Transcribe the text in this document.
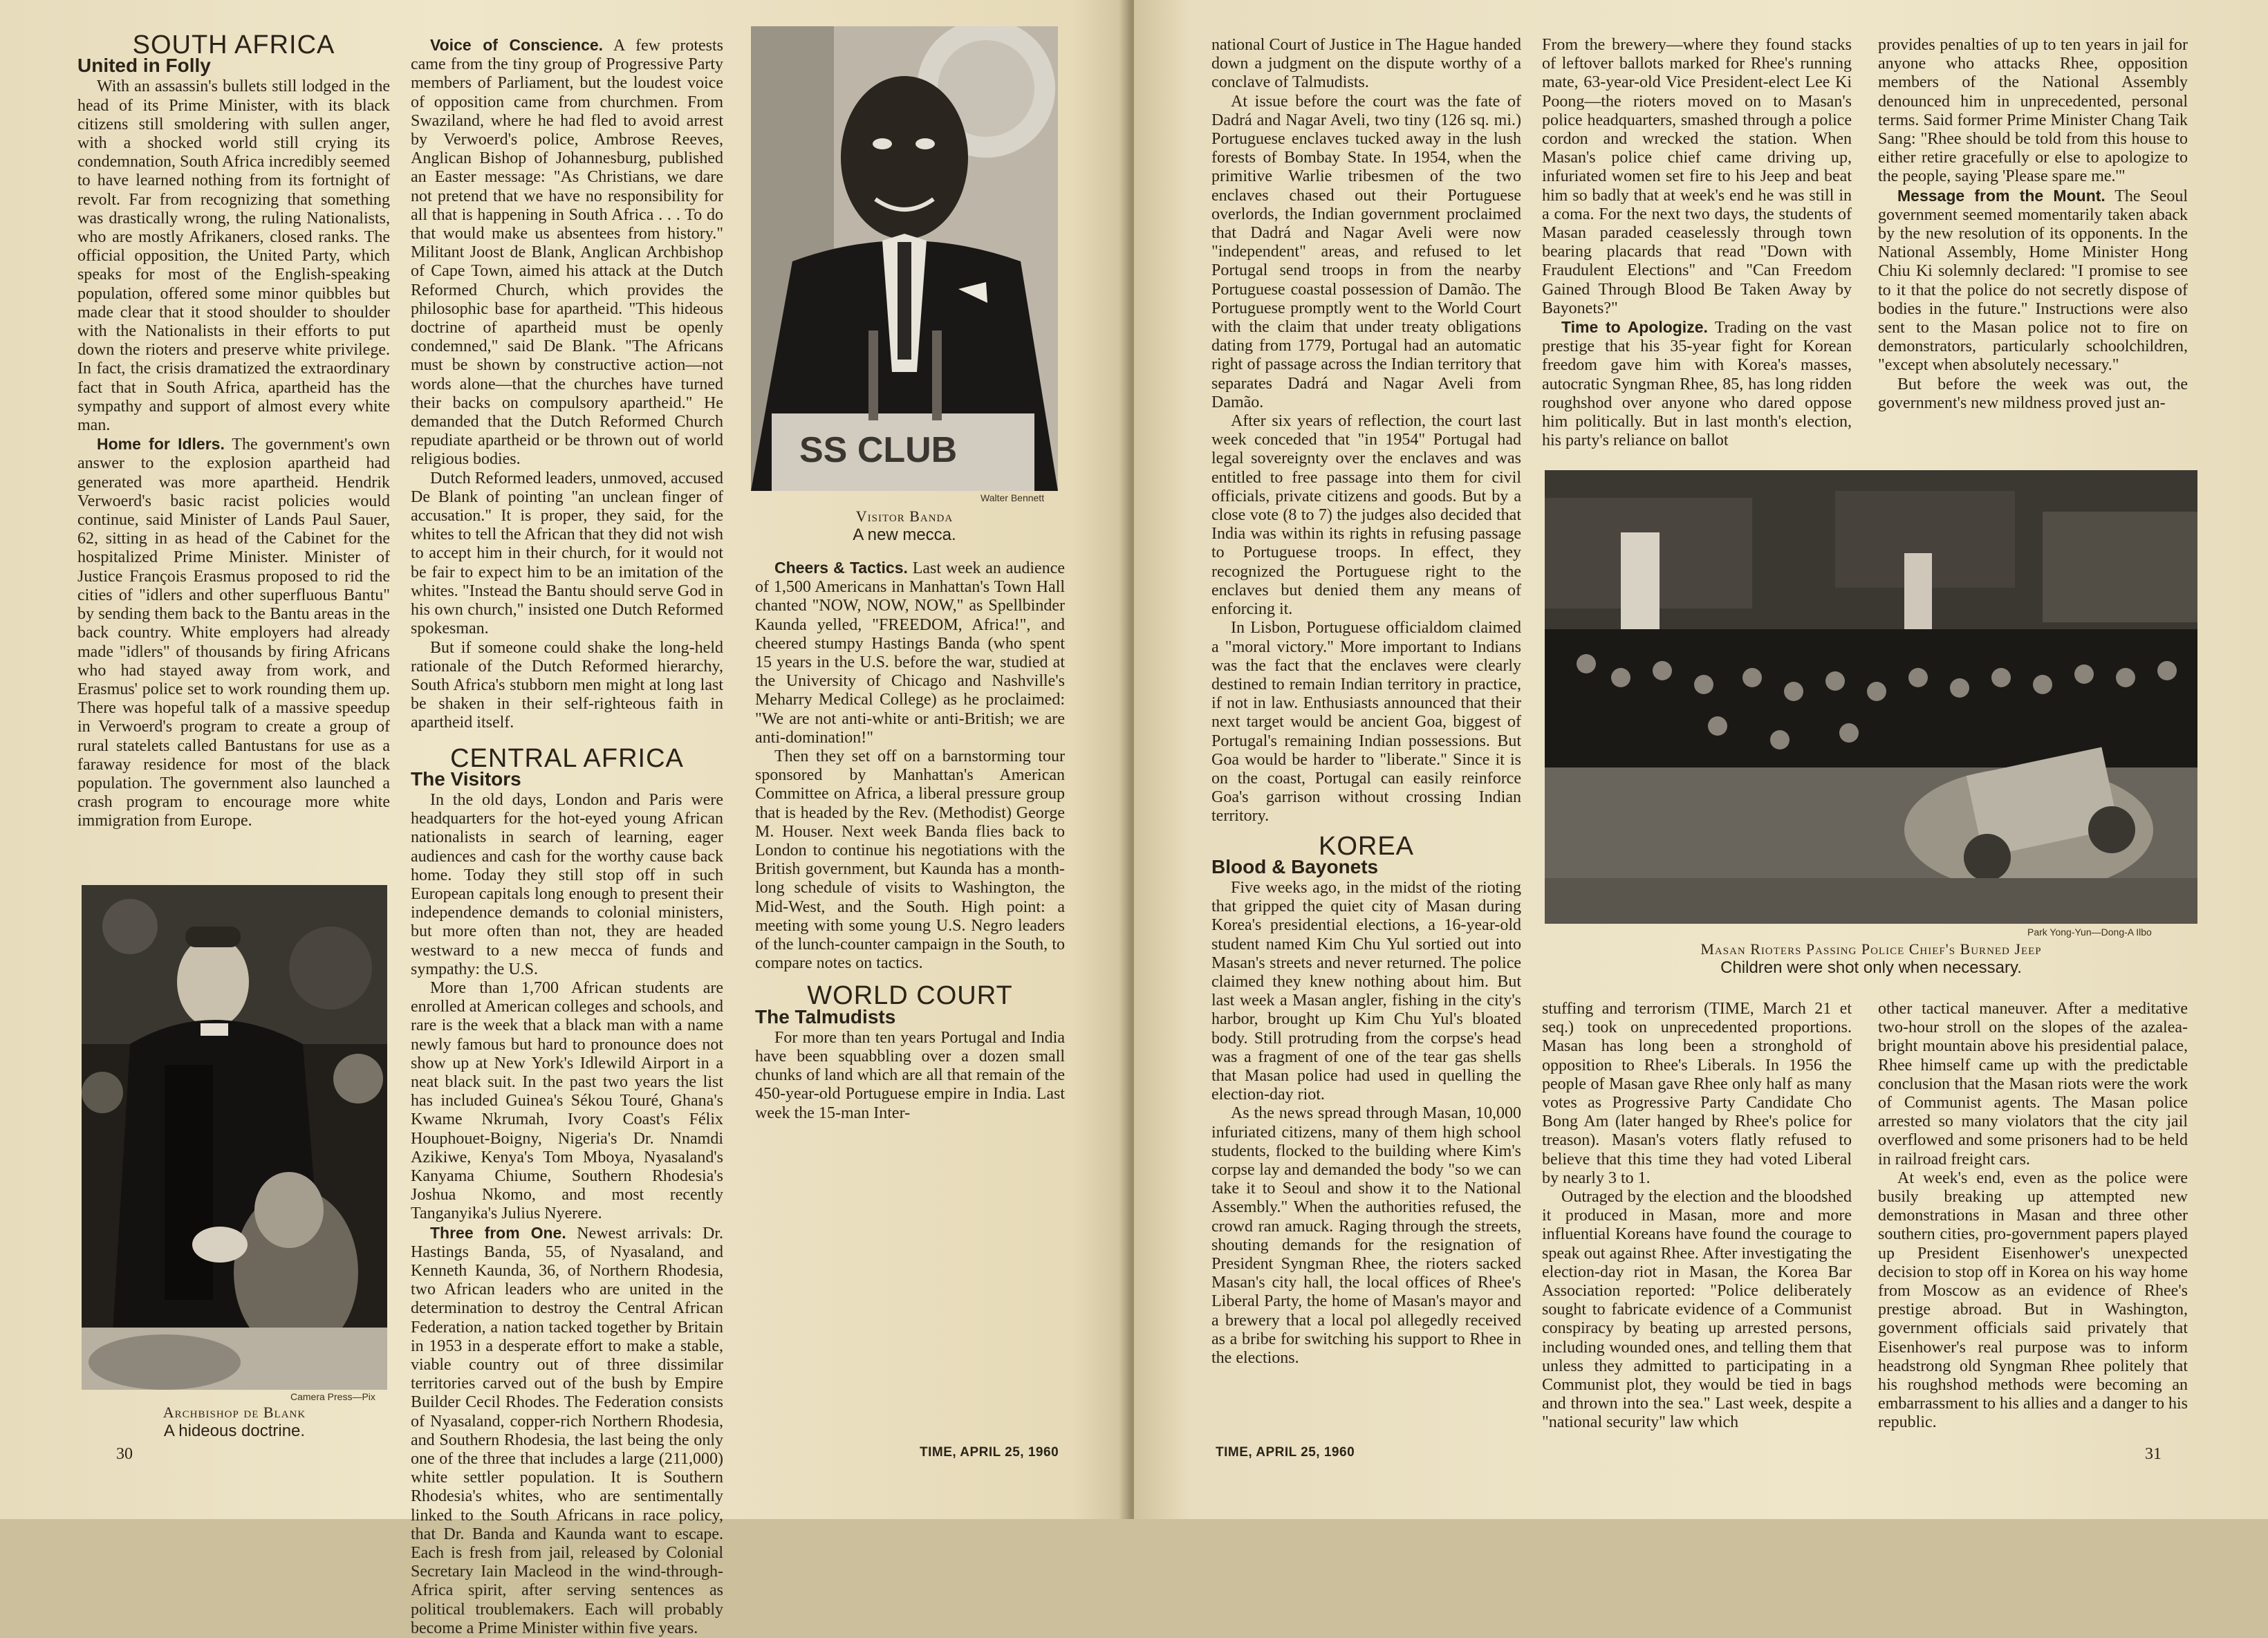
SOUTH AFRICA
United in Folly

With an assassin's bullets still lodged in the head of its Prime Minister, with its black citizens still smoldering with sullen anger, with a shocked world still crying its condemnation, South Africa incredibly seemed to have learned nothing from its fortnight of revolt. Far from recognizing that something was drastically wrong, the ruling Nationalists, who are mostly Afrikaners, closed ranks. The official opposition, the United Party, which speaks for most of the English-speaking population, offered some minor quibbles but made clear that it stood shoulder to shoulder with the Nationalists in their efforts to put down the rioters and preserve white privilege. In fact, the crisis dramatized the extraordinary fact that in South Africa, apartheid has the sympathy and support of almost every white man.

Home for Idlers. The government's own answer to the explosion apartheid had generated was more apartheid. Hendrik Verwoerd's basic racist policies would continue, said Minister of Lands Paul Sauer, 62, sitting in as head of the Cabinet for the hospitalized Prime Minister. Minister of Justice François Erasmus proposed to rid the cities of "idlers and other superfluous Bantu" by sending them back to the Bantu areas in the back country. White employers had already made "idlers" of thousands by firing Africans who had stayed away from work, and Erasmus' police set to work rounding them up. There was hopeful talk of a massive speedup in Verwoerd's program to create a group of rural statelets called Bantustans for use as a faraway residence for most of the black population. The government also launched a crash program to encourage more white immigration from Europe.

Camera Press—Pix
Archbishop de Blank
A hideous doctrine.

Voice of Conscience. A few protests came from the tiny group of Progressive Party members of Parliament, but the loudest voice of opposition came from churchmen. From Swaziland, where he had fled to avoid arrest by Verwoerd's police, Ambrose Reeves, Anglican Bishop of Johannesburg, published an Easter message: "As Christians, we dare not pretend that we have no responsibility for all that is happening in South Africa . . . To do that would make us absentees from history." Militant Joost de Blank, Anglican Archbishop of Cape Town, aimed his attack at the Dutch Reformed Church, which provides the philosophic base for apartheid. "This hideous doctrine of apartheid must be openly condemned," said De Blank. "The Africans must be shown by constructive action—not words alone—that the churches have turned their backs on compulsory apartheid." He demanded that the Dutch Reformed Church repudiate apartheid or be thrown out of world religious bodies.

Dutch Reformed leaders, unmoved, accused De Blank of pointing "an unclean finger of accusation." It is proper, they said, for the whites to tell the African that they did not wish to accept him in their church, for it would not be fair to expect him to be an imitation of the whites. "Instead the Bantu should serve God in his own church," insisted one Dutch Reformed spokesman.

But if someone could shake the long-held rationale of the Dutch Reformed hierarchy, South Africa's stubborn men might at long last be shaken in their self-righteous faith in apartheid itself.

CENTRAL AFRICA
The Visitors

In the old days, London and Paris were headquarters for the hot-eyed young African nationalists in search of learning, eager audiences and cash for the worthy cause back home. Today they still stop off in such European capitals long enough to present their independence demands to colonial ministers, but more often than not, they are headed westward to a new mecca of funds and sympathy: the U.S.

More than 1,700 African students are enrolled at American colleges and schools, and rare is the week that a black man with a name newly famous but hard to pronounce does not show up at New York's Idlewild Airport in a neat black suit. In the past two years the list has included Guinea's Sékou Touré, Ghana's Kwame Nkrumah, Ivory Coast's Félix Houphouet-Boigny, Nigeria's Dr. Nnamdi Azikiwe, Kenya's Tom Mboya, Nyasaland's Kanyama Chiume, Southern Rhodesia's Joshua Nkomo, and most recently Tanganyika's Julius Nyerere.

Three from One. Newest arrivals: Dr. Hastings Banda, 55, of Nyasaland, and Kenneth Kaunda, 36, of Northern Rhodesia, two African leaders who are united in the determination to destroy the Central African Federation, a nation tacked together by Britain in 1953 in a desperate effort to make a stable, viable country out of three dissimilar territories carved out of the bush by Empire Builder Cecil Rhodes. The Federation consists of Nyasaland, copper-rich Northern Rhodesia, and Southern Rhodesia, the last being the only one of the three that includes a large (211,000) white settler population. It is Southern Rhodesia's whites, who are sentimentally linked to the South Africans in race policy, that Dr. Banda and Kaunda want to escape. Each is fresh from jail, released by Colonial Secretary Iain Macleod in the wind-through-Africa spirit, after serving sentences as political troublemakers. Each will probably become a Prime Minister within five years.

SS CLUB
Walter Bennett
Visitor Banda
A new mecca.

Cheers & Tactics. Last week an audience of 1,500 Americans in Manhattan's Town Hall chanted "NOW, NOW, NOW," as Spellbinder Kaunda yelled, "FREEDOM, Africa!", and cheered stumpy Hastings Banda (who spent 15 years in the U.S. before the war, studied at the University of Chicago and Nashville's Meharry Medical College) as he proclaimed: "We are not anti-white or anti-British; we are anti-domination!"

Then they set off on a barnstorming tour sponsored by Manhattan's American Committee on Africa, a liberal pressure group that is headed by the Rev. (Methodist) George M. Houser. Next week Banda flies back to London to continue his negotiations with the British government, but Kaunda has a month-long schedule of visits to Washington, the Mid-West, and the South. High point: a meeting with some young U.S. Negro leaders of the lunch-counter campaign in the South, to compare notes on tactics.

WORLD COURT
The Talmudists

For more than ten years Portugal and India have been squabbling over a dozen small chunks of land which are all that remain of the 450-year-old Portuguese empire in India. Last week the 15-man Inter-

30	TIME, APRIL 25, 1960

national Court of Justice in The Hague handed down a judgment on the dispute worthy of a conclave of Talmudists.

At issue before the court was the fate of Dadrá and Nagar Aveli, two tiny (126 sq. mi.) Portuguese enclaves tucked away in the lush forests of Bombay State. In 1954, when the primitive Warlie tribesmen of the two enclaves chased out their Portuguese overlords, the Indian government proclaimed that Dadrá and Nagar Aveli were now "independent" areas, and refused to let Portugal send troops in from the nearby Portuguese coastal possession of Damão. The Portuguese promptly went to the World Court with the claim that under treaty obligations dating from 1779, Portugal had an automatic right of passage across the Indian territory that separates Dadrá and Nagar Aveli from Damão.

After six years of reflection, the court last week conceded that "in 1954" Portugal had legal sovereignty over the enclaves and was entitled to free passage into them for civil officials, private citizens and goods. But by a close vote (8 to 7) the judges also decided that India was within its rights in refusing passage to Portuguese troops. In effect, they recognized the Portuguese right to the enclaves but denied them any means of enforcing it.

In Lisbon, Portuguese officialdom claimed a "moral victory." More important to Indians was the fact that the enclaves were clearly destined to remain Indian territory in practice, if not in law. Enthusiasts announced that their next target would be ancient Goa, biggest of Portugal's remaining Indian possessions. But Goa would be harder to "liberate." Since it is on the coast, Portugal can easily reinforce Goa's garrison without crossing Indian territory.

KOREA
Blood & Bayonets

Five weeks ago, in the midst of the rioting that gripped the quiet city of Masan during Korea's presidential elections, a 16-year-old student named Kim Chu Yul sortied out into Masan's streets and never returned. The police claimed they knew nothing about him. But last week a Masan angler, fishing in the city's harbor, brought up Kim Chu Yul's bloated body. Still protruding from the corpse's head was a fragment of one of the tear gas shells that Masan police had used in quelling the election-day riot.

As the news spread through Masan, 10,000 infuriated citizens, many of them high school students, flocked to the building where Kim's corpse lay and demanded the body "so we can take it to Seoul and show it to the National Assembly." When the authorities refused, the crowd ran amuck. Raging through the streets, shouting demands for the resignation of President Syngman Rhee, the rioters sacked Masan's city hall, the local offices of Rhee's Liberal Party, the home of Masan's mayor and a brewery that a local pol allegedly received as a bribe for switching his support to Rhee in the elections.

From the brewery—where they found stacks of leftover ballots marked for Rhee's running mate, 63-year-old Vice President-elect Lee Ki Poong—the rioters moved on to Masan's police headquarters, smashed through a police cordon and wrecked the station. When Masan's police chief came driving up, infuriated women set fire to his Jeep and beat him so badly that at week's end he was still in a coma. For the next two days, the students of Masan paraded ceaselessly through town bearing placards that read "Down with Fraudulent Elections" and "Can Freedom Gained Through Blood Be Taken Away by Bayonets?"

Time to Apologize. Trading on the vast prestige that his 35-year fight for Korean freedom gave him with Korea's masses, autocratic Syngman Rhee, 85, has long ridden roughshod over anyone who dared oppose him politically. But in last month's election, his party's reliance on ballot

provides penalties of up to ten years in jail for anyone who attacks Rhee, opposition members of the National Assembly denounced him in unprecedented, personal terms. Said former Prime Minister Chang Taik Sang: "Rhee should be told from this house to either retire gracefully or else to apologize to the people, saying 'Please spare me.'"

Message from the Mount. The Seoul government seemed momentarily taken aback by the new resolution of its opponents. In the National Assembly, Home Minister Hong Chiu Ki solemnly declared: "I promise to see to it that the police do not secretly dispose of bodies in the future." Instructions were also sent to the Masan police not to fire on demonstrators, particularly schoolchildren, "except when absolutely necessary."

But before the week was out, the government's new mildness proved just an-

Park Yong-Yun—Dong-A Ilbo
Masan Rioters Passing Police Chief's Burned Jeep
Children were shot only when necessary.

stuffing and terrorism (TIME, March 21 et seq.) took on unprecedented proportions. Masan has long been a stronghold of opposition to Rhee's Liberals. In 1956 the people of Masan gave Rhee only half as many votes as Progressive Party Candidate Cho Bong Am (later hanged by Rhee's police for treason). Masan's voters flatly refused to believe that this time they had voted Liberal by nearly 3 to 1.

Outraged by the election and the bloodshed it produced in Masan, more and more influential Koreans have found the courage to speak out against Rhee. After investigating the election-day riot in Masan, the Korea Bar Association reported: "Police deliberately sought to fabricate evidence of a Communist conspiracy by beating up arrested persons, including wounded ones, and telling them that unless they admitted to participating in a Communist plot, they would be tied in bags and thrown into the sea." Last week, despite a "national security" law which

other tactical maneuver. After a meditative two-hour stroll on the slopes of the azalea-bright mountain above his presidential palace, Rhee himself came up with the predictable conclusion that the Masan riots were the work of Communist agents. The Masan police arrested so many violators that the city jail overflowed and some prisoners had to be held in railroad freight cars.

At week's end, even as the police were busily breaking up attempted new demonstrations in Masan and three other southern cities, pro-government papers played up President Eisenhower's unexpected decision to stop off in Korea on his way home from Moscow as an evidence of Rhee's prestige abroad. But in Washington, government officials said privately that Eisenhower's real purpose was to inform headstrong old Syngman Rhee politely that his roughshod methods were becoming an embarrassment to his allies and a danger to his republic.

TIME, APRIL 25, 1960	31
